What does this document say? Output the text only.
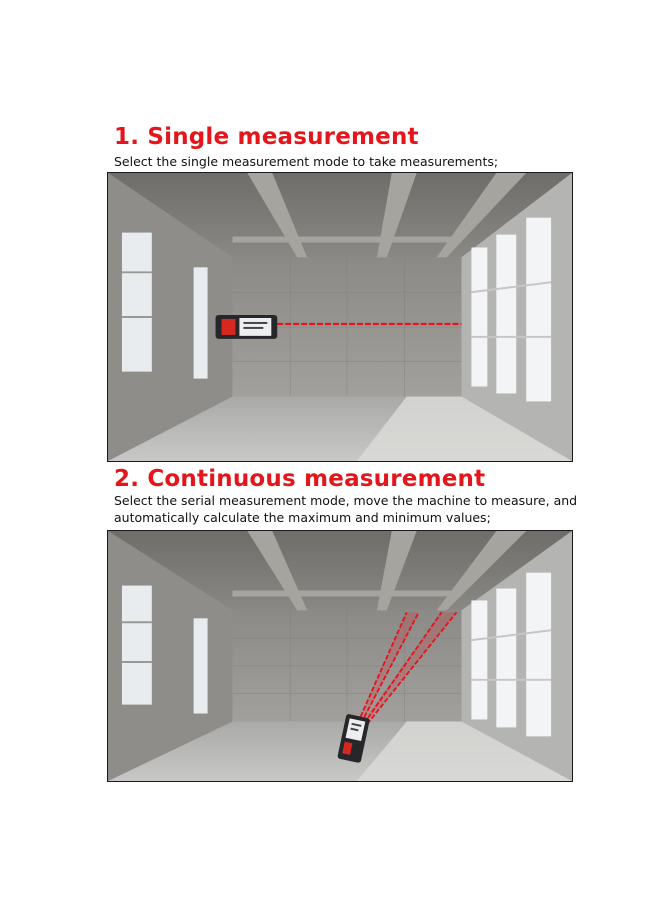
1. Single measurement
Select the single measurement mode to take measurements;
2. Continuous measurement
Select the serial measurement mode, move the machine to measure, and
automatically calculate the maximum and minimum values;
